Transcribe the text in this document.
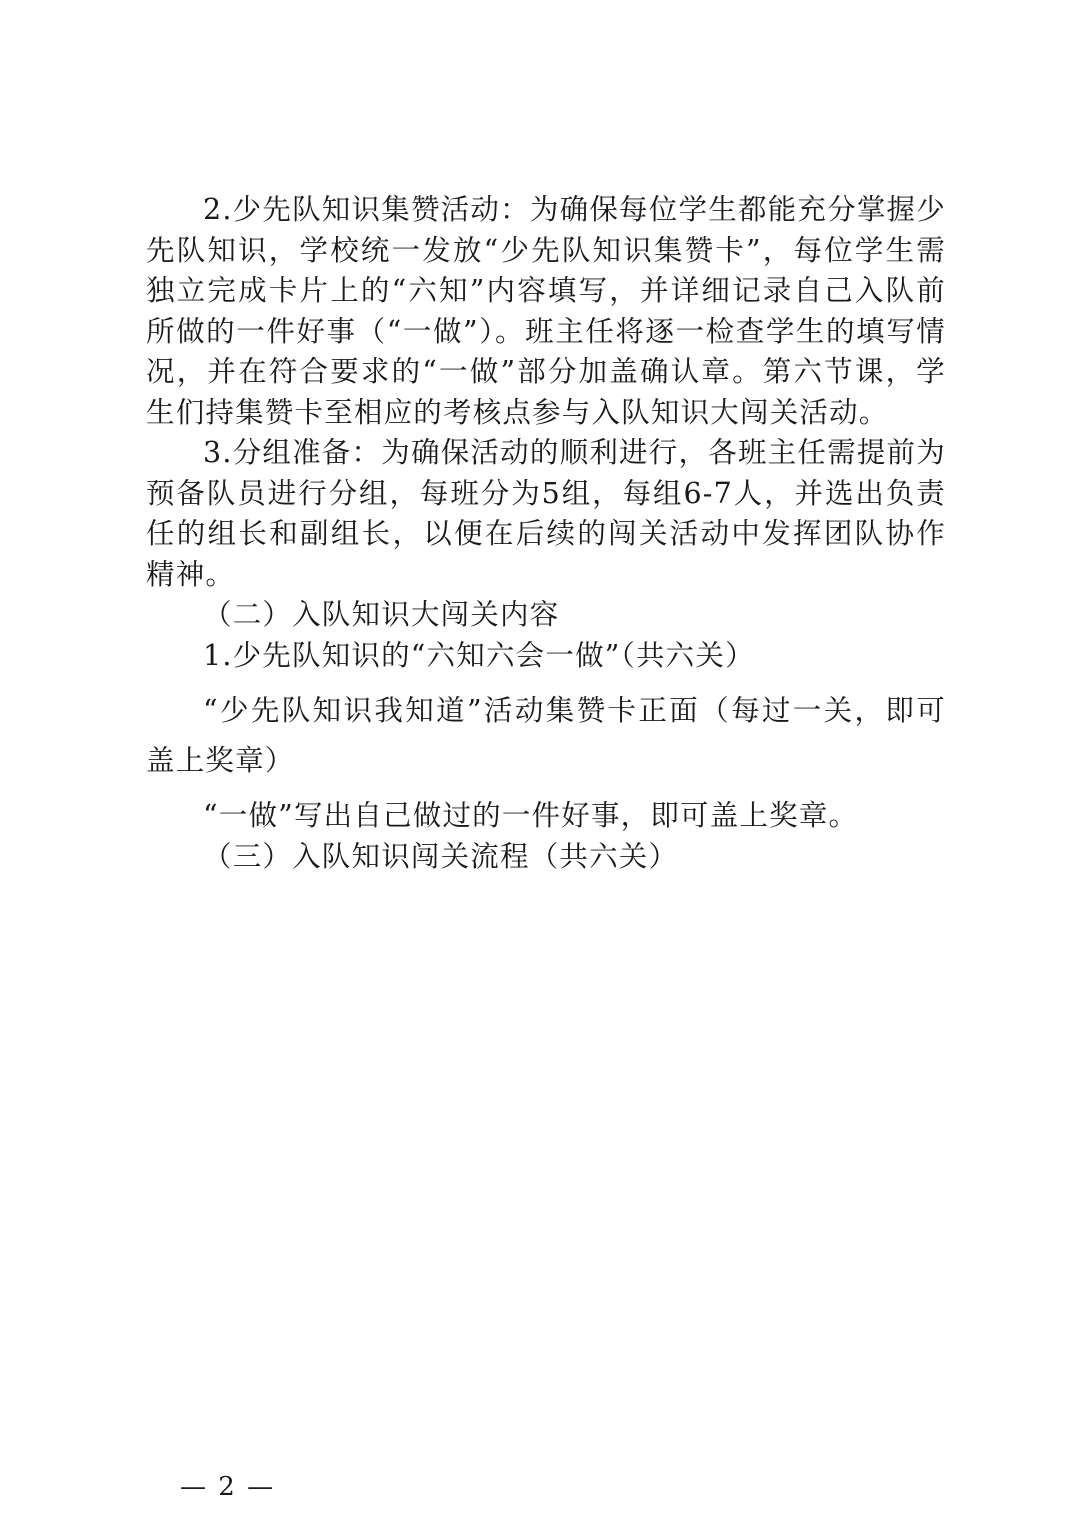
2.少先队知识集赞活动：为确保每位学生都能充分掌握少先队知识，学校统一发放“少先队知识集赞卡”，每位学生需独立完成卡片上的“六知”内容填写，并详细记录自己入队前所做的一件好事（“一做”）。班主任将逐一检查学生的填写情况，并在符合要求的“一做”部分加盖确认章。第六节课，学生们持集赞卡至相应的考核点参与入队知识大闯关活动。

3.分组准备：为确保活动的顺利进行，各班主任需提前为预备队员进行分组，每班分为5组，每组6-7人，并选出负责任的组长和副组长，以便在后续的闯关活动中发挥团队协作精神。

（二）入队知识大闯关内容

1.少先队知识的“六知六会一做”（共六关）

“少先队知识我知道”活动集赞卡正面（每过一关，即可盖上奖章）

“一做”写出自己做过的一件好事，即可盖上奖章。

（三）入队知识闯关流程（共六关）

— 2 —
